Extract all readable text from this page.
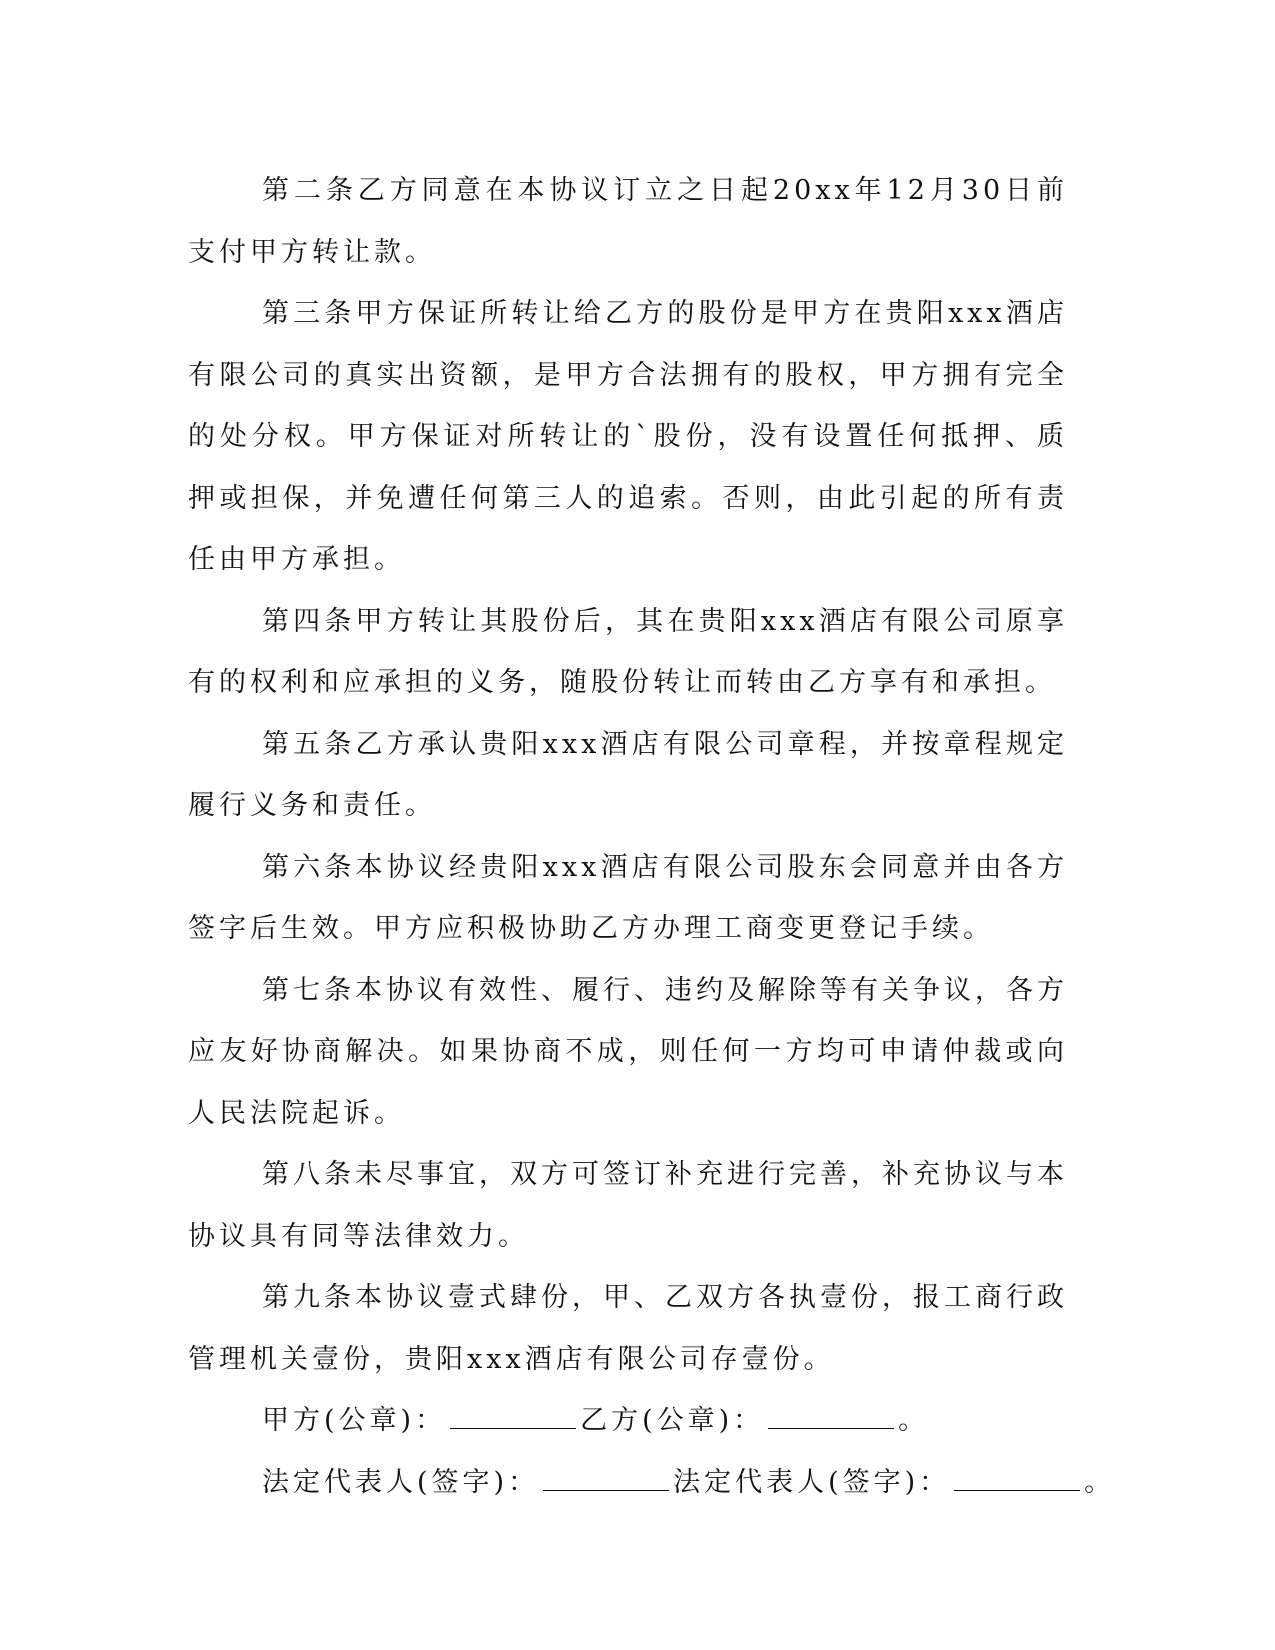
第二条乙方同意在本协议订立之日起20xx年12月30日前支付甲方转让款。

第三条甲方保证所转让给乙方的股份是甲方在贵阳xxx酒店有限公司的真实出资额，是甲方合法拥有的股权，甲方拥有完全的处分权。甲方保证对所转让的`股份，没有设置任何抵押、质押或担保，并免遭任何第三人的追索。否则，由此引起的所有责任由甲方承担。

第四条甲方转让其股份后，其在贵阳xxx酒店有限公司原享有的权利和应承担的义务，随股份转让而转由乙方享有和承担。

第五条乙方承认贵阳xxx酒店有限公司章程，并按章程规定履行义务和责任。

第六条本协议经贵阳xxx酒店有限公司股东会同意并由各方签字后生效。甲方应积极协助乙方办理工商变更登记手续。

第七条本协议有效性、履行、违约及解除等有关争议，各方应友好协商解决。如果协商不成，则任何一方均可申请仲裁或向人民法院起诉。

第八条未尽事宜，双方可签订补充进行完善，补充协议与本协议具有同等法律效力。

第九条本协议壹式肆份，甲、乙双方各执壹份，报工商行政管理机关壹份，贵阳xxx酒店有限公司存壹份。

甲方(公章)：	乙方(公章)：	。

法定代表人(签字)：	法定代表人(签字)：	。
